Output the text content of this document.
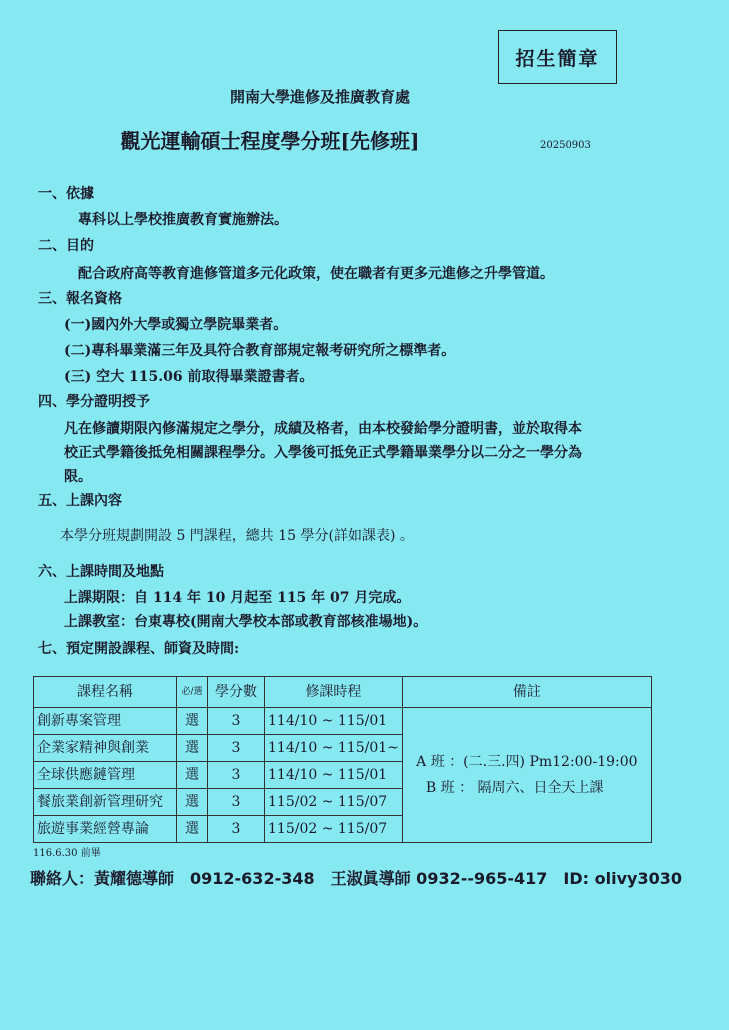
招生簡章
開南大學進修及推廣教育處
觀光運輸碩士程度學分班[先修班]	20250903
一、依據
專科以上學校推廣教育實施辦法。
二、目的
配合政府高等教育進修管道多元化政策，使在職者有更多元進修之升學管道。
三、報名資格
(一)國內外大學或獨立學院畢業者。
(二)專科畢業滿三年及具符合教育部規定報考研究所之標準者。
(三) 空大 115.06 前取得畢業證書者。
四、學分證明授予
凡在修讀期限內修滿規定之學分，成績及格者，由本校發給學分證明書，並於取得本
校正式學籍後抵免相關課程學分。入學後可抵免正式學籍畢業學分以二分之一學分為
限。
五、上課內容
本學分班規劃開設 5 門課程，總共 15 學分(詳如課表) 。
六、上課時間及地點
上課期限：自 114 年 10 月起至 115 年 07 月完成。
上課教室：台東專校(開南大學校本部或教育部核准場地)。
七、預定開設課程、師資及時間:
課程名稱	必/選	學分數	修課時程	備註
創新專案管理	選	3	114/10 ~ 115/01	A 班 ：(二.三.四) Pm12:00-19:00
B 班 ： 隔周六、日全天上課

企業家精神與創業	選	3	114/10 ~ 115/01~	
全球供應鏈管理	選	3	114/10 ~ 115/01	
餐旅業創新管理研究	選	3	115/02 ~ 115/07	
旅遊事業經營專論	選	3	115/02 ~ 115/07	
116.6.30 前畢
聯絡人：黃耀德導師　0912-632-348　王淑眞導師 0932--965-417　ID: olivy3030
